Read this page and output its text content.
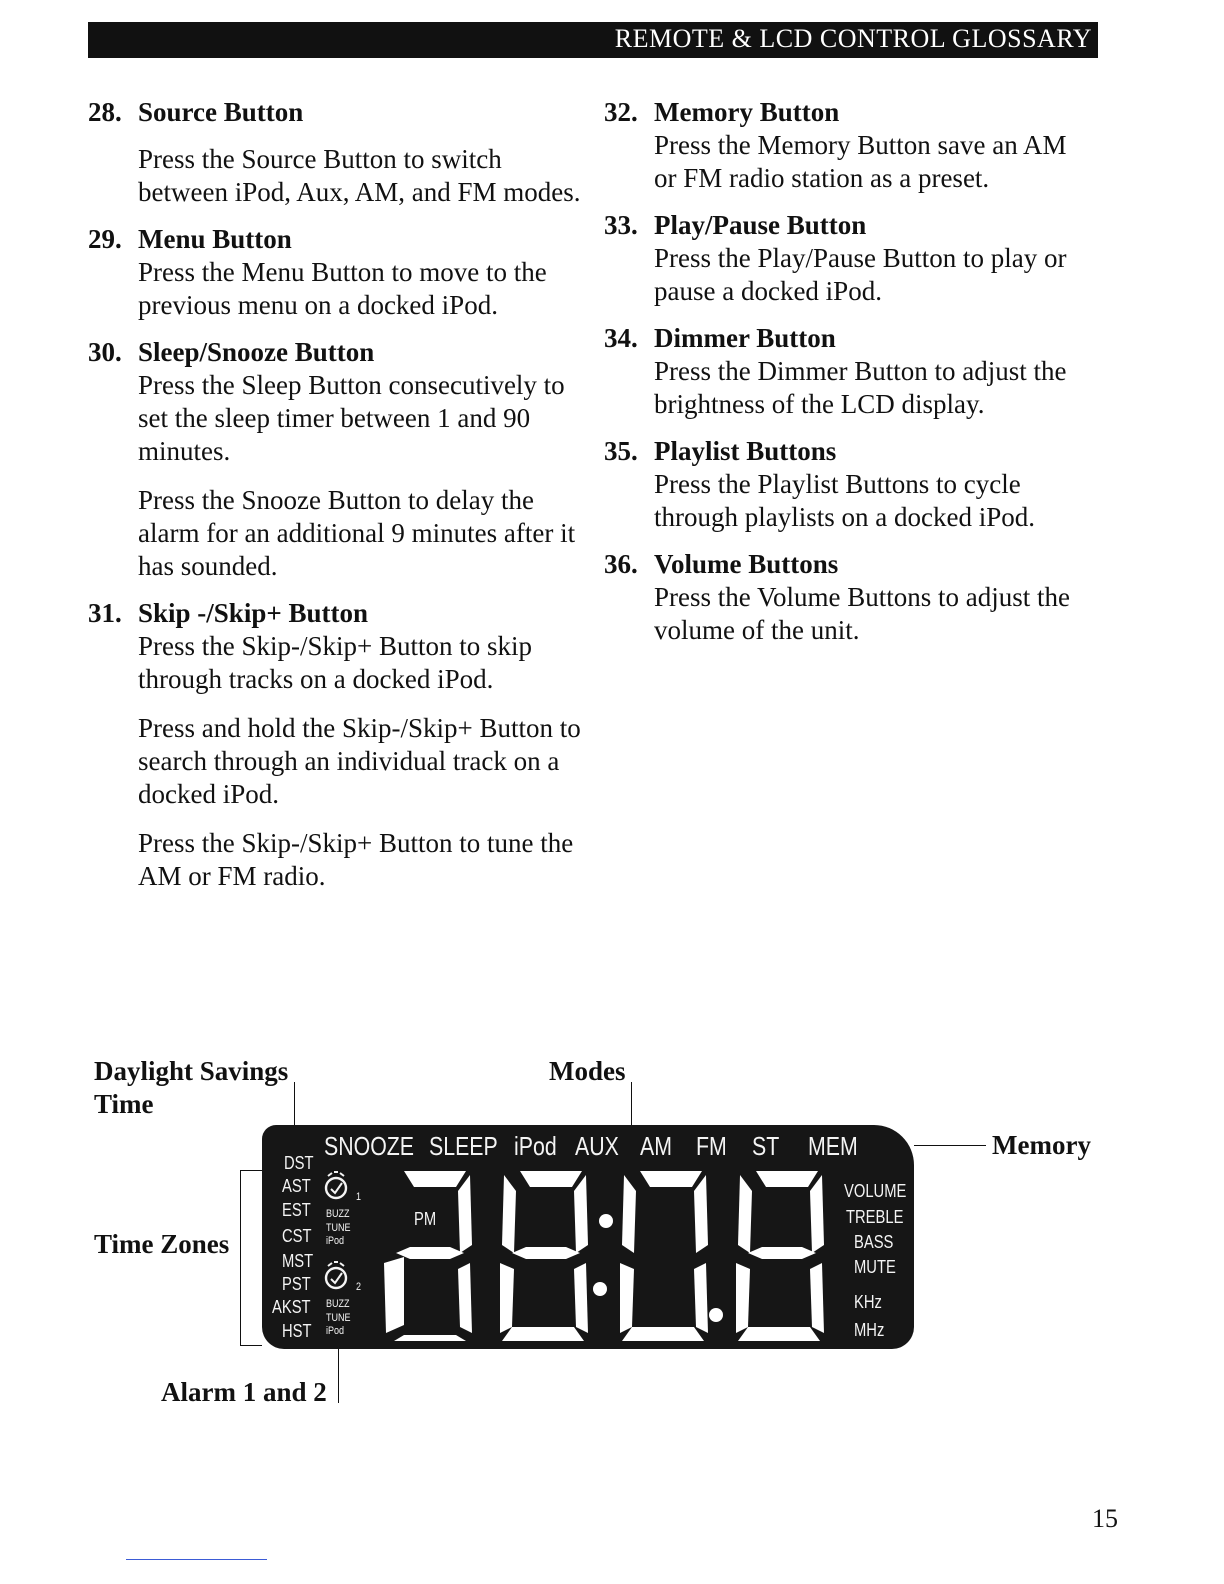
REMOTE & LCD CONTROL GLOSSARY
28. Source Button

Press the Source Button to switch between iPod, Aux, AM, and FM modes.

29. Menu Button

Press the Menu Button to move to the previous menu on a docked iPod.

30. Sleep/Snooze Button

Press the Sleep Button consecutively to set the sleep timer between 1 and 90 minutes.

Press the Snooze Button to delay the alarm for an additional 9 minutes after it has sounded.

31. Skip -/Skip+ Button

Press the Skip-/Skip+ Button to skip through tracks on a docked iPod.

Press and hold the Skip-/Skip+ Button to search through an individual track on a docked iPod.

Press the Skip-/Skip+ Button to tune the AM or FM radio.

32. Memory Button

Press the Memory Button save an AM or FM radio station as a preset.

33. Play/Pause Button

Press the Play/Pause Button to play or pause a docked iPod.

34. Dimmer Button

Press the Dimmer Button to adjust the brightness of the LCD display.

35. Playlist Buttons

Press the Playlist Buttons to cycle through playlists on a docked iPod.

36. Volume Buttons

Press the Volume Buttons to adjust the volume of the unit.

Daylight Savings
Time
Modes
Memory
Time Zones
Alarm 1 and 2
DST
SNOOZE SLEEP iPod AUX AM FM ST MEM
AST
EST
CST
MST
PST
AKST
HST
1
BUZZ
TUNE
iPod
2
BUZZ
TUNE
iPod
PM
VOLUME
TREBLE
BASS
MUTE
KHz
MHz
15
